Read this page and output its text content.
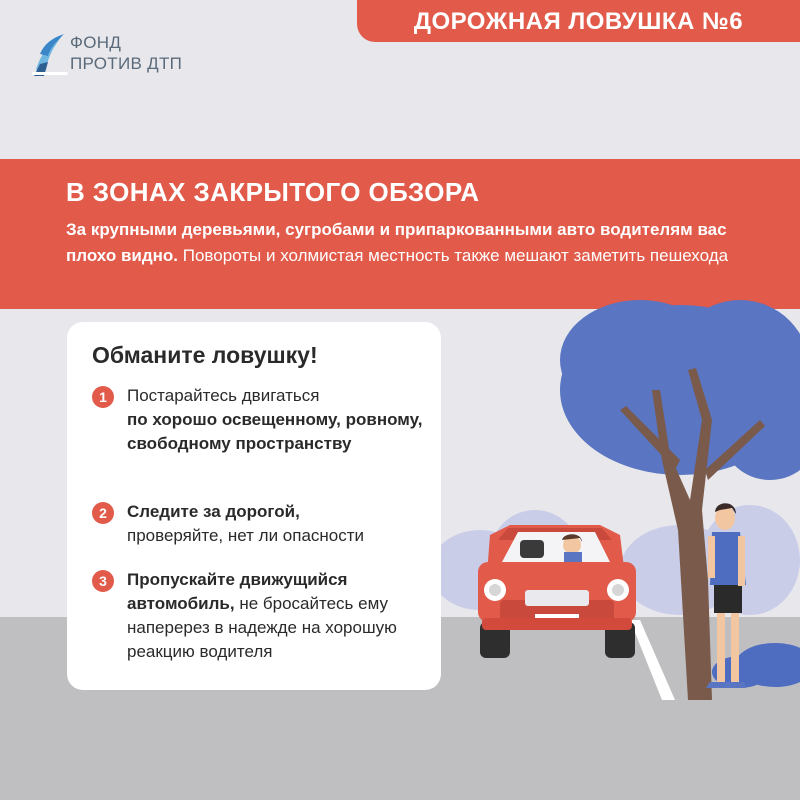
ФОНД
ПРОТИВ ДТП
ДОРОЖНАЯ ЛОВУШКА №6
В ЗОНАХ ЗАКРЫТОГО ОБЗОРА
За крупными деревьями, сугробами и припаркованными авто водителям вас плохо видно. Повороты и холмистая местность также мешают заметить пешехода
Обманите ловушку!
1	Постарайтесь двигаться
по хорошо освещенному, ровному, свободному пространству
2	Следите за дорогой,
проверяйте, нет ли опасности
3	Пропускайте движущийся автомобиль, не бросайтесь ему наперерез в надежде на хорошую реакцию водителя
